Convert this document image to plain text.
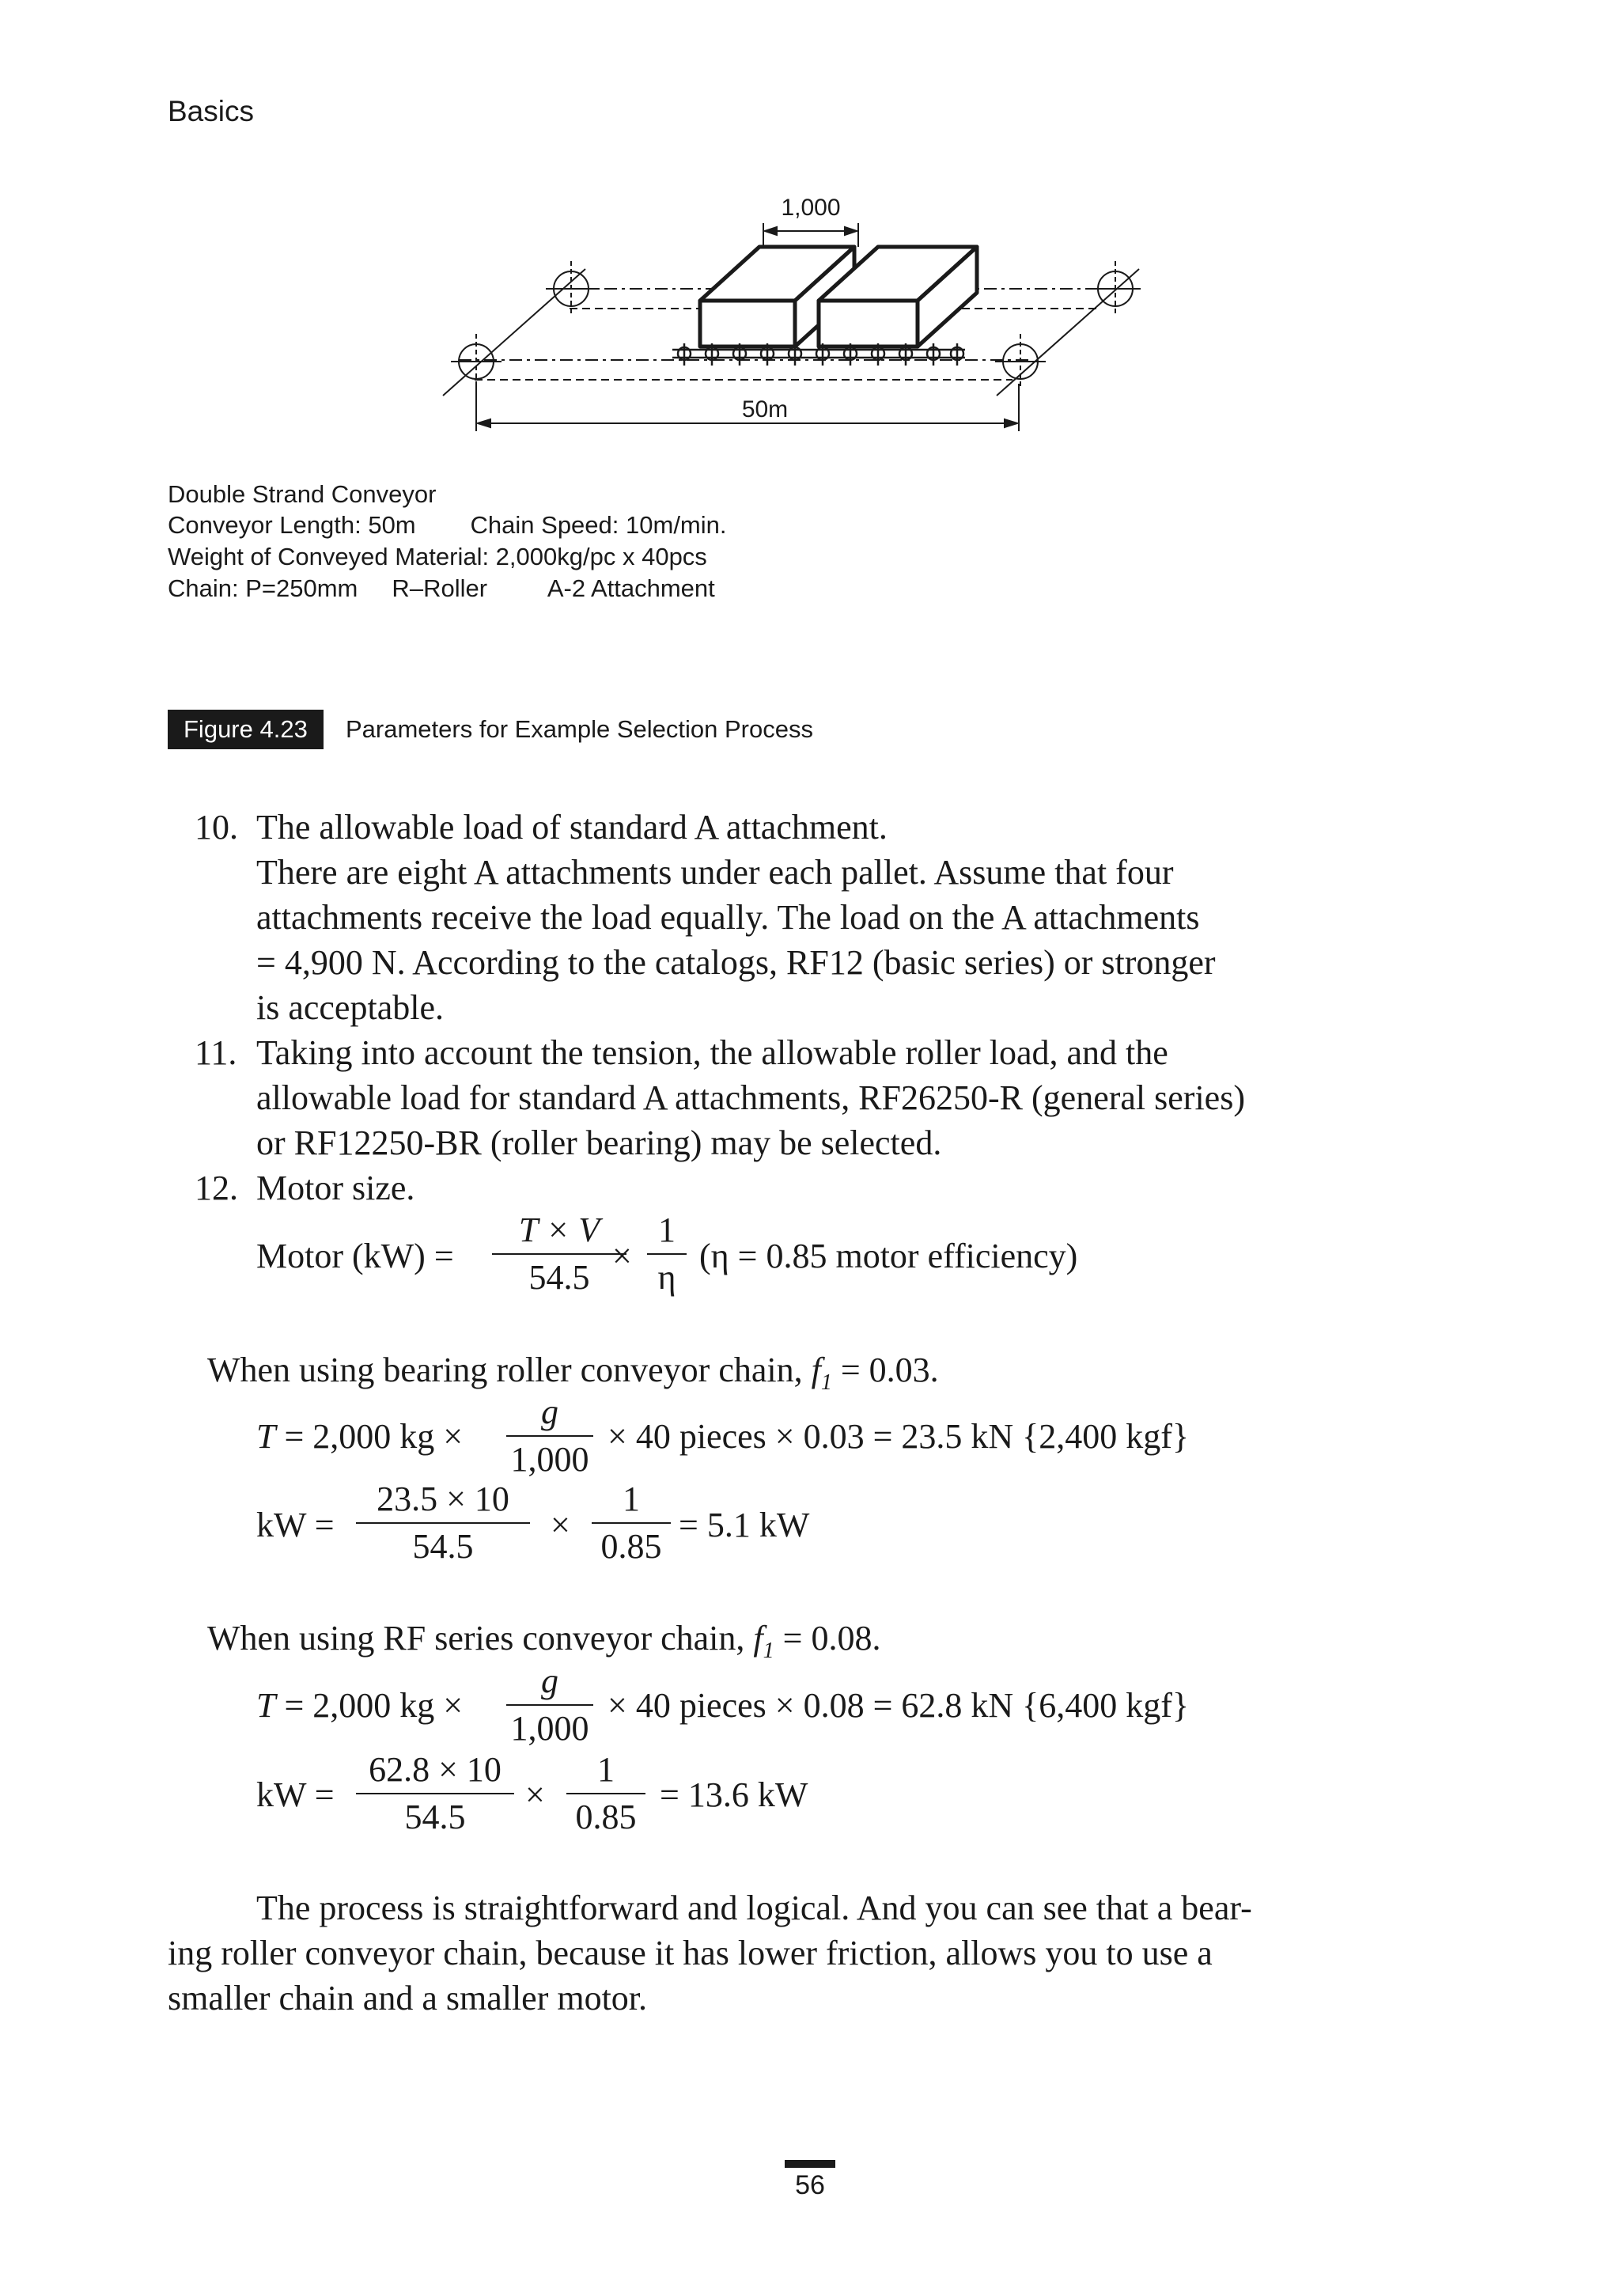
Basics
1,000
50m
Double Strand Conveyor
Conveyor Length: 50m        Chain Speed: 10m/min.
Weight of Conveyed Material: 2,000kg/pc x 40pcs
Chain: P=250mm     R–Roller         A-2 Attachment
Figure 4.23	Parameters for Example Selection Process
10. The allowable load of standard A attachment.
There are eight A attachments under each pallet. Assume that four
attachments receive the load equally. The load on the A attachments
= 4,900 N. According to the catalogs, RF12 (basic series) or stronger
is acceptable.
11. Taking into account the tension, the allowable roller load, and the
allowable load for standard A attachments, RF26250-R (general series)
or RF12250-BR (roller bearing) may be selected.
12. Motor size.
Motor (kW) =
T × V
54.5
×
1
η
(η = 0.85 motor efficiency)
When using bearing roller conveyor chain, $f_1 = 0.03$.
T = 2,000 kg ×
g
1,000
× 40 pieces × 0.03 = 23.5 kN {2,400 kgf}
kW =
23.5 × 10
54.5
×
1
0.85
= 5.1 kW
When using RF series conveyor chain, $f_1 = 0.08$.
T = 2,000 kg ×
g
1,000
× 40 pieces × 0.08 = 62.8 kN {6,400 kgf}
kW =
62.8 × 10
54.5
×
1
0.85
= 13.6 kW
The process is straightforward and logical. And you can see that a bear-
ing roller conveyor chain, because it has lower friction, allows you to use a
smaller chain and a smaller motor.
56
